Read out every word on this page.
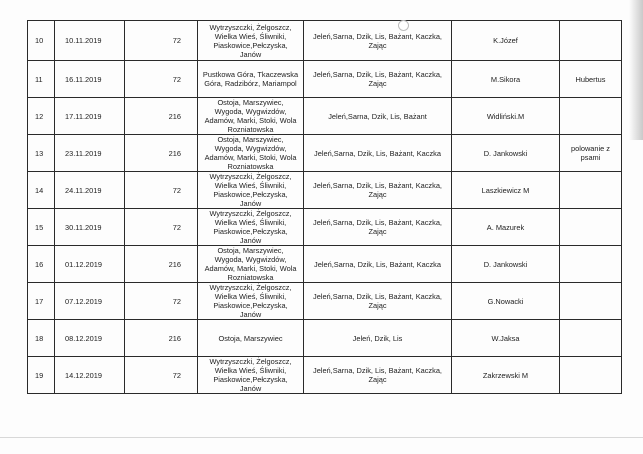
10	10.11.2019	72	Wytrzyszczki, Żelgoszcz, Wielka Wieś, Śliwniki, Piaskowice,Pełczyska, Janów	Jeleń,Sarna, Dzik, Lis, Bażant, Kaczka, Zając	K.Józef	
11	16.11.2019	72	Pustkowa Góra, Tkaczewska Góra, Radzibórz, Mariampol	Jeleń,Sarna, Dzik, Lis, Bażant, Kaczka, Zając	M.Sikora	Hubertus
12	17.11.2019	216	Ostoja, Marszywiec, Wygoda, Wygwizdów, Adamów, Marki, Stoki, Wola Rozniatowska	Jeleń,Sarna, Dzik, Lis, Bażant	Widliński.M	
13	23.11.2019	216	Ostoja, Marszywiec, Wygoda, Wygwizdów, Adamów, Marki, Stoki, Wola Rozniatowska	Jeleń,Sarna, Dzik, Lis, Bażant, Kaczka	D. Jankowski	polowanie z psami
14	24.11.2019	72	Wytrzyszczki, Żelgoszcz, Wielka Wieś, Śliwniki, Piaskowice,Pełczyska, Janów	Jeleń,Sarna, Dzik, Lis, Bażant, Kaczka, Zając	Laszkiewicz M	
15	30.11.2019	72	Wytrzyszczki, Żelgoszcz, Wielka Wieś, Śliwniki, Piaskowice,Pełczyska, Janów	Jeleń,Sarna, Dzik, Lis, Bażant, Kaczka, Zając	A. Mazurek	
16	01.12.2019	216	Ostoja, Marszywiec, Wygoda, Wygwizdów, Adamów, Marki, Stoki, Wola Rozniatowska	Jeleń,Sarna, Dzik, Lis, Bażant, Kaczka	D. Jankowski	
17	07.12.2019	72	Wytrzyszczki, Żelgoszcz, Wielka Wieś, Śliwniki, Piaskowice,Pełczyska, Janów	Jeleń,Sarna, Dzik, Lis, Bażant, Kaczka, Zając	G.Nowacki	
18	08.12.2019	216	Ostoja, Marszywiec	Jeleń, Dzik, Lis	W.Jaksa	
19	14.12.2019	72	Wytrzyszczki, Żelgoszcz, Wielka Wieś, Śliwniki, Piaskowice,Pełczyska, Janów	Jeleń,Sarna, Dzik, Lis, Bażant, Kaczka, Zając	Zakrzewski M	
